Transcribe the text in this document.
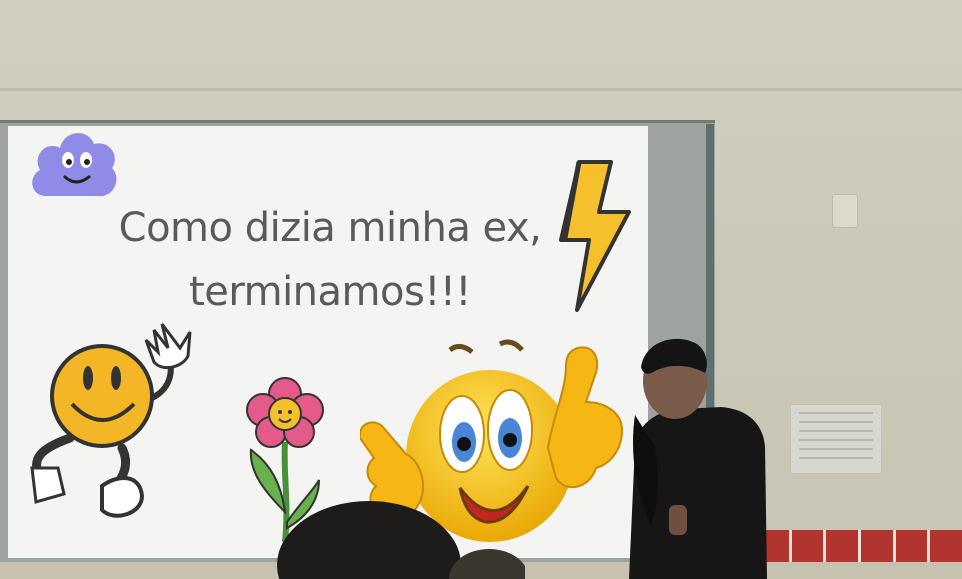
Como dizia minha ex,
terminamos!!!
